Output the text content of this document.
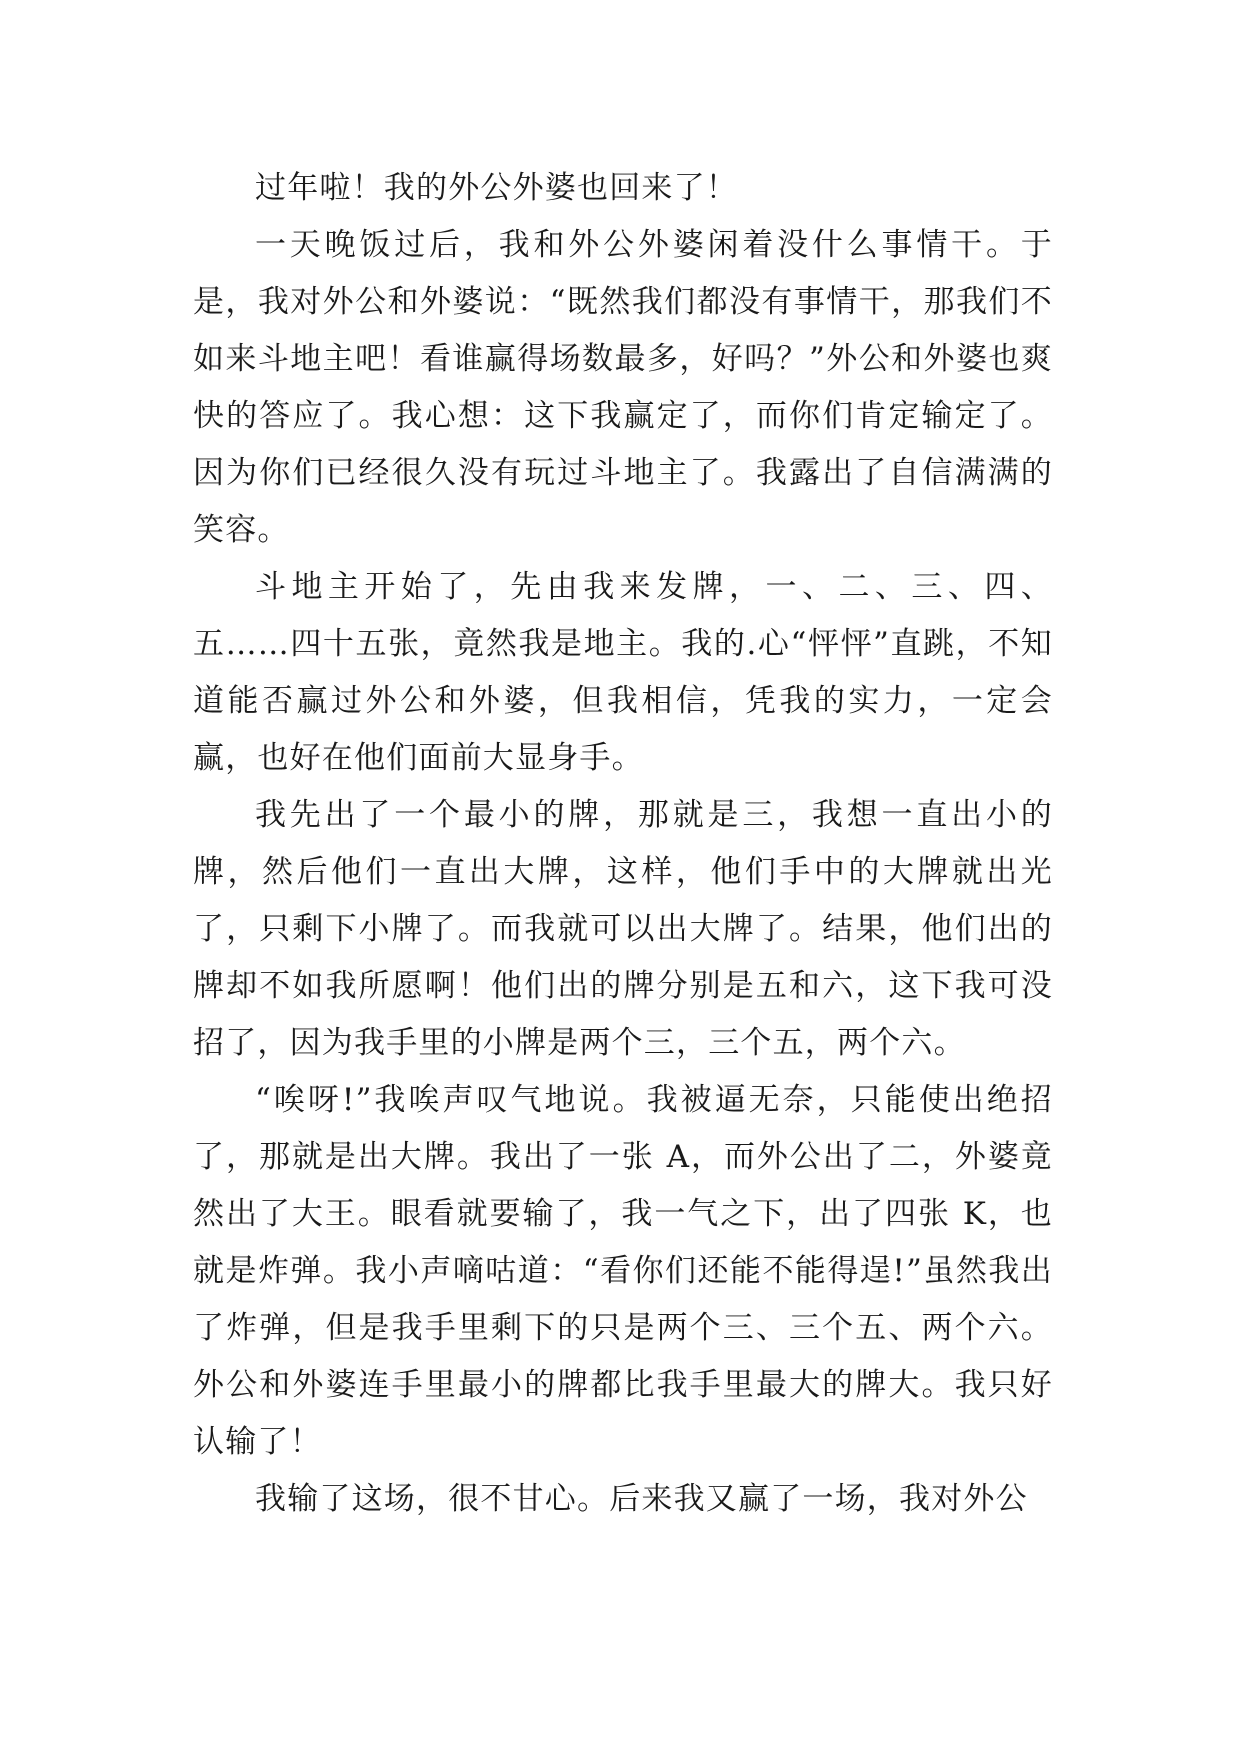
过年啦！我的外公外婆也回来了！

一天晚饭过后，我和外公外婆闲着没什么事情干。于是，我对外公和外婆说：“既然我们都没有事情干，那我们不如来斗地主吧！看谁赢得场数最多，好吗？”外公和外婆也爽快的答应了。我心想：这下我赢定了，而你们肯定输定了。因为你们已经很久没有玩过斗地主了。我露出了自信满满的笑容。

斗地主开始了，先由我来发牌，一、二、三、四、五……四十五张，竟然我是地主。我的.心“怦怦”直跳，不知道能否赢过外公和外婆，但我相信，凭我的实力，一定会赢，也好在他们面前大显身手。

我先出了一个最小的牌，那就是三，我想一直出小的牌，然后他们一直出大牌，这样，他们手中的大牌就出光了，只剩下小牌了。而我就可以出大牌了。结果，他们出的牌却不如我所愿啊！他们出的牌分别是五和六，这下我可没招了，因为我手里的小牌是两个三，三个五，两个六。

“唉呀!”我唉声叹气地说。我被逼无奈，只能使出绝招了，那就是出大牌。我出了一张 A，而外公出了二，外婆竟然出了大王。眼看就要输了，我一气之下，出了四张 K，也就是炸弹。我小声嘀咕道：“看你们还能不能得逞!”虽然我出了炸弹，但是我手里剩下的只是两个三、三个五、两个六。外公和外婆连手里最小的牌都比我手里最大的牌大。我只好认输了！

我输了这场，很不甘心。后来我又赢了一场，我对外公
